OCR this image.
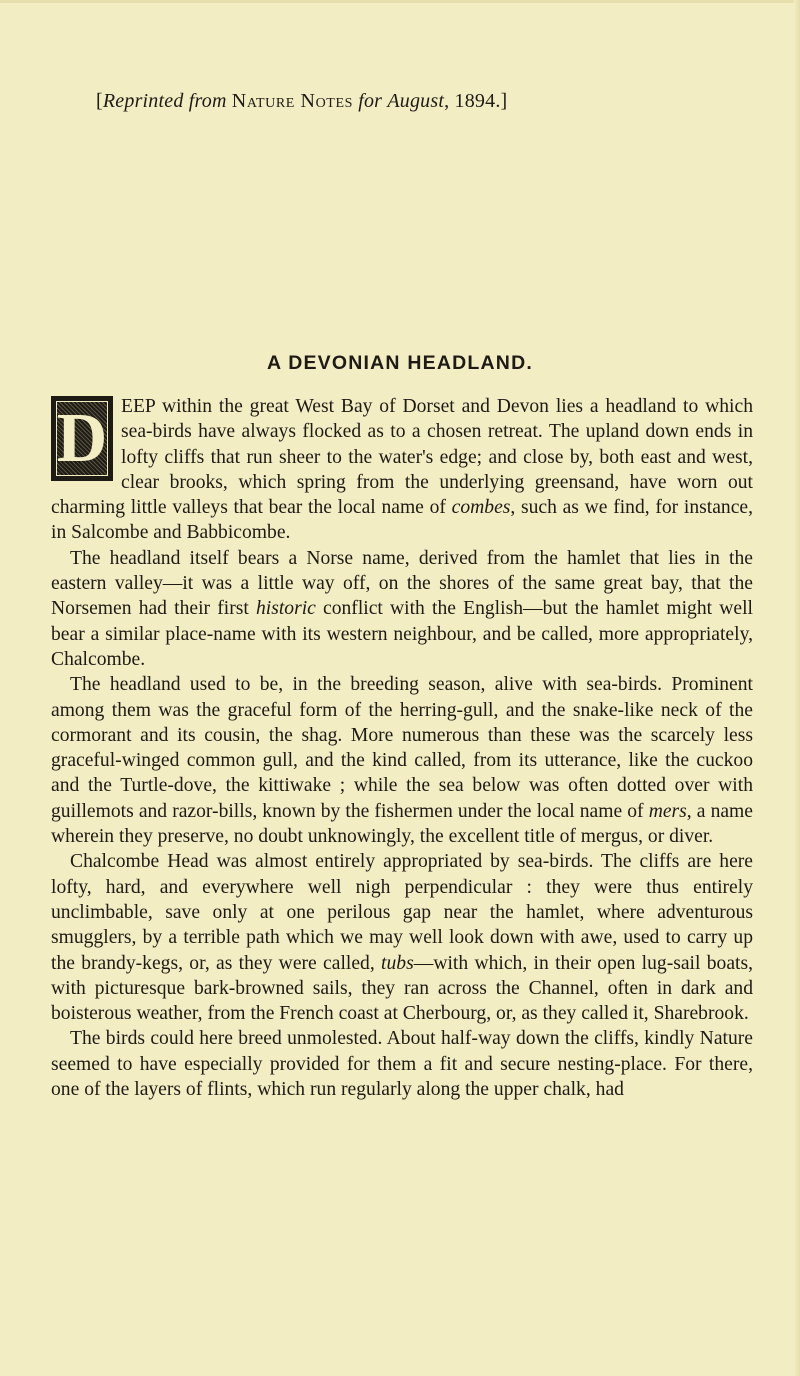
[Reprinted from Nature Notes for August, 1894.]
A DEVONIAN HEADLAND.

D EEP within the great West Bay of Dorset and Devon lies a headland to which sea-birds have always flocked as to a chosen retreat. The upland down ends in lofty cliffs that run sheer to the water's edge; and close by, both east and west, clear brooks, which spring from the underlying greensand, have worn out charming little valleys that bear the local name of combes, such as we find, for instance, in Salcombe and Babbicombe.

The headland itself bears a Norse name, derived from the hamlet that lies in the eastern valley—it was a little way off, on the shores of the same great bay, that the Norsemen had their first historic conflict with the English—but the hamlet might well bear a similar place-name with its western neighbour, and be called, more appropriately, Chalcombe.

The headland used to be, in the breeding season, alive with sea-birds. Prominent among them was the graceful form of the herring-gull, and the snake-like neck of the cormorant and its cousin, the shag. More numerous than these was the scarcely less graceful-winged common gull, and the kind called, from its utterance, like the cuckoo and the Turtle-dove, the kittiwake ; while the sea below was often dotted over with guillemots and razor-bills, known by the fishermen under the local name of mers, a name wherein they preserve, no doubt unknowingly, the excellent title of mergus, or diver.

Chalcombe Head was almost entirely appropriated by sea-birds. The cliffs are here lofty, hard, and everywhere well nigh perpendicular : they were thus entirely unclimbable, save only at one perilous gap near the hamlet, where adventurous smugglers, by a terrible path which we may well look down with awe, used to carry up the brandy-kegs, or, as they were called, tubs—with which, in their open lug-sail boats, with picturesque bark-browned sails, they ran across the Channel, often in dark and boisterous weather, from the French coast at Cherbourg, or, as they called it, Sharebrook.

The birds could here breed unmolested. About half-way down the cliffs, kindly Nature seemed to have especially provided for them a fit and secure nesting-place. For there, one of the layers of flints, which run regularly along the upper chalk, had
